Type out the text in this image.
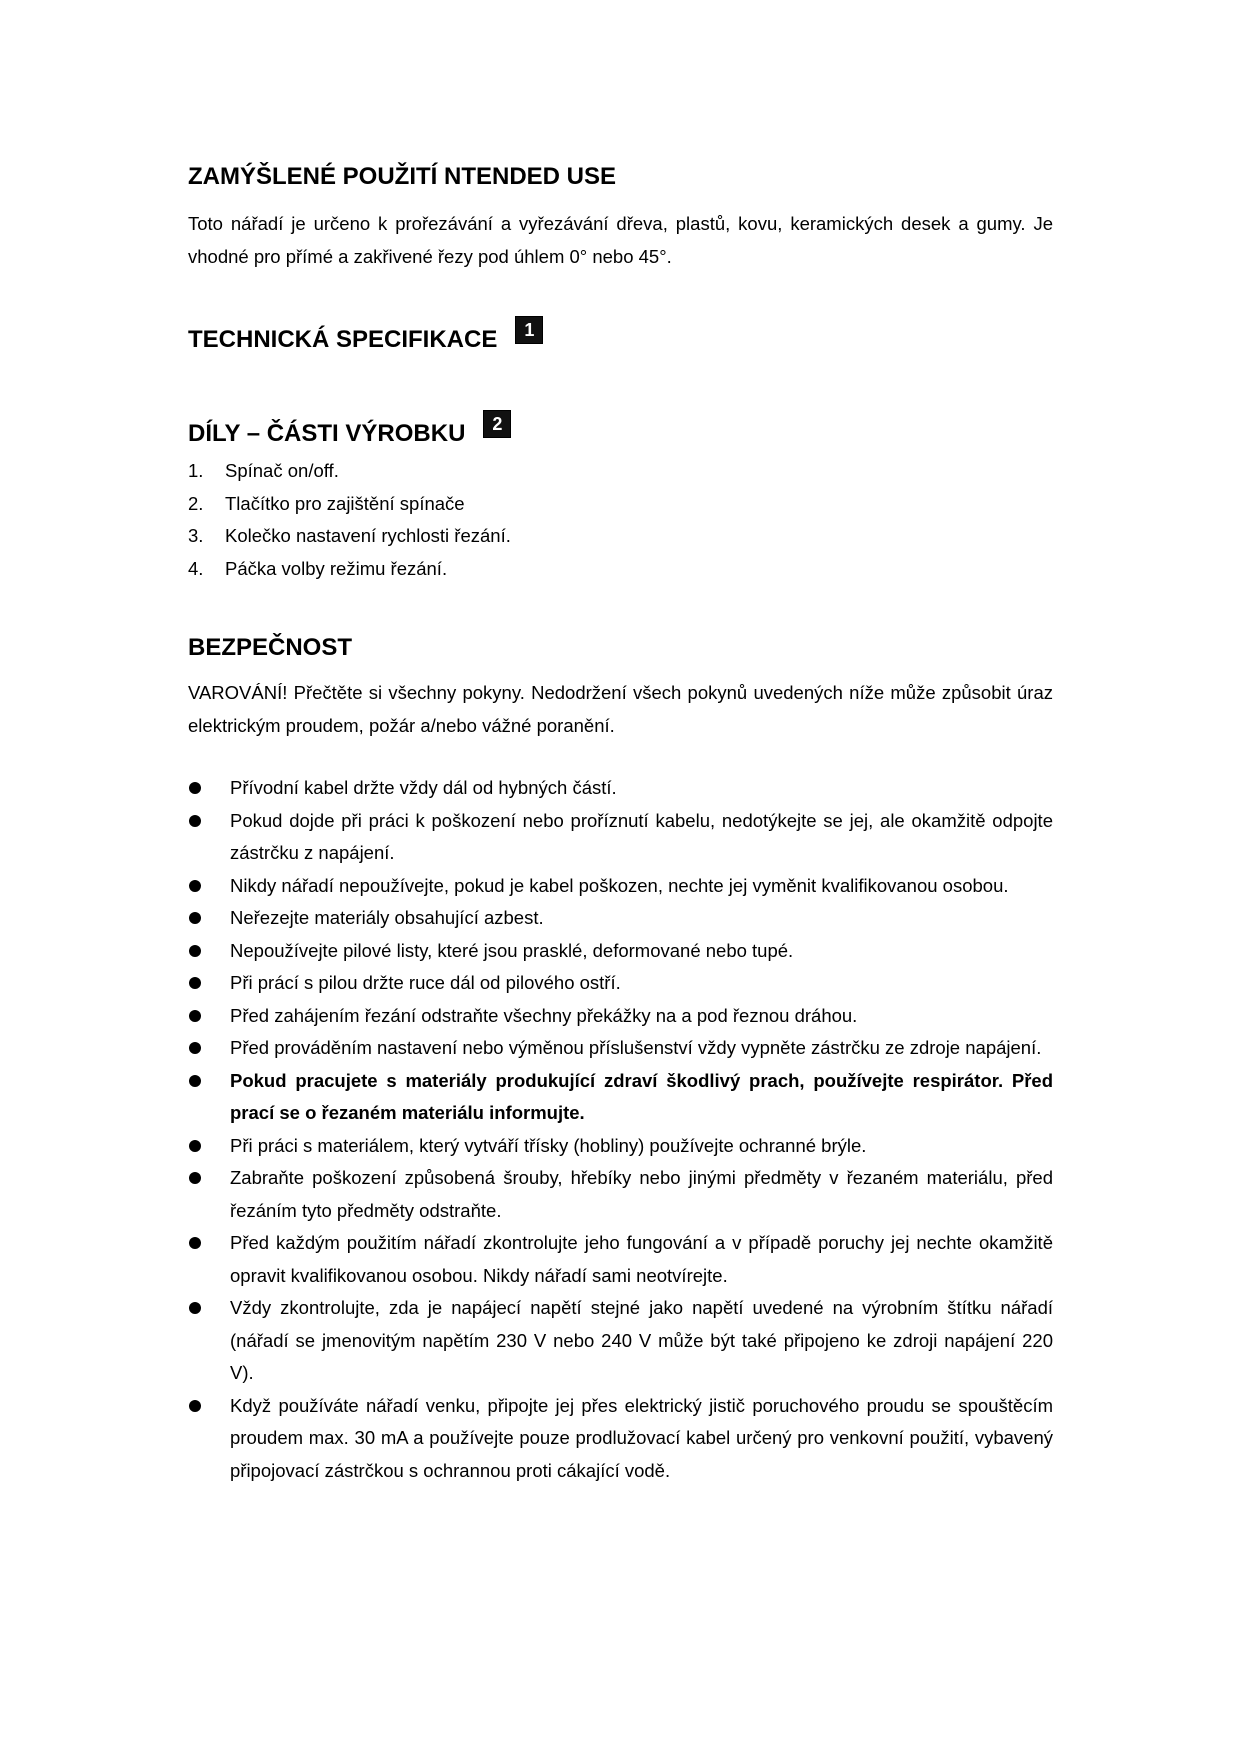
ZAMÝŠLENÉ POUŽITÍ NTENDED USE

Toto nářadí je určeno k prořezávání a vyřezávání dřeva, plastů, kovu, keramických desek a gumy. Je vhodné pro přímé a zakřivené řezy pod úhlem 0° nebo 45°.

TECHNICKÁ SPECIFIKACE	1
DÍLY – ČÁSTI VÝROBKU	2
1.	Spínač on/off.
2.	Tlačítko pro zajištění spínače
3.	Kolečko nastavení rychlosti řezání.
4.	Páčka volby režimu řezání.
BEZPEČNOST

VAROVÁNÍ! Přečtěte si všechny pokyny. Nedodržení všech pokynů uvedených níže může způsobit úraz elektrickým proudem, požár a/nebo vážné poranění.

Přívodní kabel držte vždy dál od hybných částí.
Pokud dojde při práci k poškození nebo proříznutí kabelu, nedotýkejte se jej, ale okamžitě odpojte zástrčku z napájení.
Nikdy nářadí nepoužívejte, pokud je kabel poškozen, nechte jej vyměnit kvalifikovanou osobou.
Neřezejte materiály obsahující azbest.
Nepoužívejte pilové listy, které jsou prasklé, deformované nebo tupé.
Při prácí s pilou držte ruce dál od pilového ostří.
Před zahájením řezání odstraňte všechny překážky na a pod řeznou dráhou.
Před prováděním nastavení nebo výměnou příslušenství vždy vypněte zástrčku ze zdroje napájení.
Pokud pracujete s materiály produkující zdraví škodlivý prach, používejte respirátor. Před prací se o řezaném materiálu informujte.
Při práci s materiálem, který vytváří třísky (hobliny) používejte ochranné brýle.
Zabraňte poškození způsobená šrouby, hřebíky nebo jinými předměty v řezaném materiálu, před řezáním tyto předměty odstraňte.
Před každým použitím nářadí zkontrolujte jeho fungování a v případě poruchy jej nechte okamžitě opravit kvalifikovanou osobou. Nikdy nářadí sami neotvírejte.
Vždy zkontrolujte, zda je napájecí napětí stejné jako napětí uvedené na výrobním štítku nářadí (nářadí se jmenovitým napětím 230 V nebo 240 V může být také připojeno ke zdroji napájení 220 V).
Když používáte nářadí venku, připojte jej přes elektrický jistič poruchového proudu se spouštěcím proudem max. 30 mA a používejte pouze prodlužovací kabel určený pro venkovní použití, vybavený připojovací zástrčkou s ochrannou proti cákající vodě.
